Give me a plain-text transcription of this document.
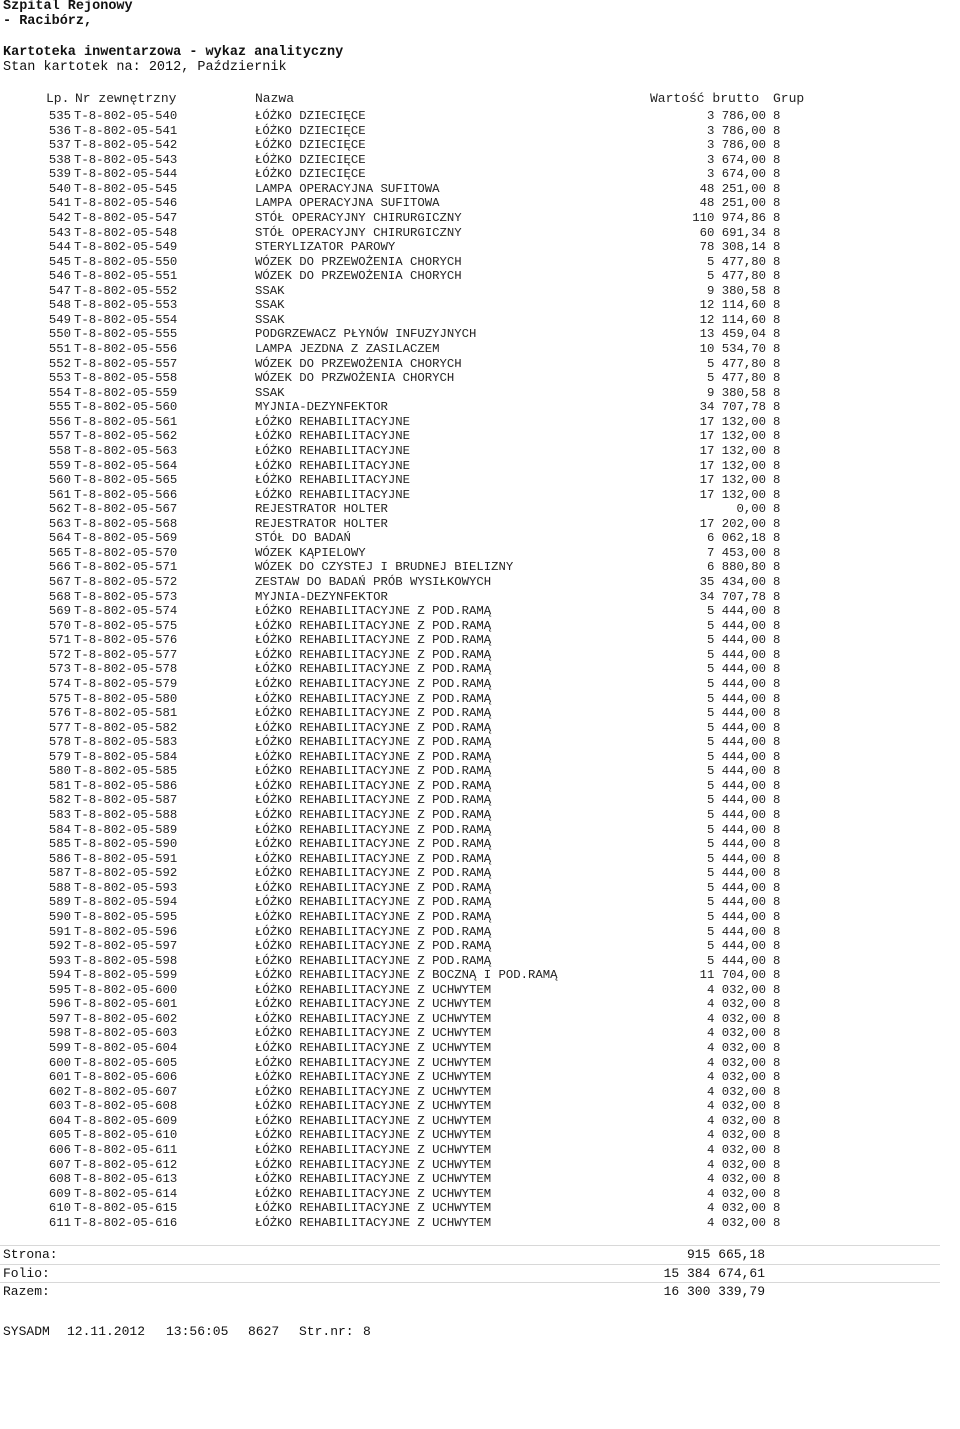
Szpital Rejonowy
- Racibórz,
Kartoteka inwentarzowa - wykaz analityczny
Stan kartotek na: 2012, Październik
Lp. Nr zewnętrzny	Nazwa	Wartość brutto Grup
535 T-8-802-05-540	ŁÓŻKO DZIECIĘCE	3 786,00 8
536 T-8-802-05-541	ŁÓŻKO DZIECIĘCE	3 786,00 8
537 T-8-802-05-542	ŁÓŻKO DZIECIĘCE	3 786,00 8
538 T-8-802-05-543	ŁÓŻKO DZIECIĘCE	3 674,00 8
539 T-8-802-05-544	ŁÓŻKO DZIECIĘCE	3 674,00 8
540 T-8-802-05-545	LAMPA OPERACYJNA SUFITOWA	48 251,00 8
541 T-8-802-05-546	LAMPA OPERACYJNA SUFITOWA	48 251,00 8
542 T-8-802-05-547	STÓŁ OPERACYJNY CHIRURGICZNY	110 974,86 8
543 T-8-802-05-548	STÓŁ OPERACYJNY CHIRURGICZNY	60 691,34 8
544 T-8-802-05-549	STERYLIZATOR PAROWY	78 308,14 8
545 T-8-802-05-550	WÓZEK DO PRZEWOŻENIA CHORYCH	5 477,80 8
546 T-8-802-05-551	WÓZEK DO PRZEWOŻENIA CHORYCH	5 477,80 8
547 T-8-802-05-552	SSAK	9 380,58 8
548 T-8-802-05-553	SSAK	12 114,60 8
549 T-8-802-05-554	SSAK	12 114,60 8
550 T-8-802-05-555	PODGRZEWACZ PŁYNÓW INFUZYJNYCH	13 459,04 8
551 T-8-802-05-556	LAMPA JEZDNA Z ZASILACZEM	10 534,70 8
552 T-8-802-05-557	WÓZEK DO PRZEWOŻENIA CHORYCH	5 477,80 8
553 T-8-802-05-558	WÓZEK DO PRZWOŻENIA CHORYCH	5 477,80 8
554 T-8-802-05-559	SSAK	9 380,58 8
555 T-8-802-05-560	MYJNIA-DEZYNFEKTOR	34 707,78 8
556 T-8-802-05-561	ŁÓŻKO REHABILITACYJNE	17 132,00 8
557 T-8-802-05-562	ŁÓŻKO REHABILITACYJNE	17 132,00 8
558 T-8-802-05-563	ŁÓŻKO REHABILITACYJNE	17 132,00 8
559 T-8-802-05-564	ŁÓŻKO REHABILITACYJNE	17 132,00 8
560 T-8-802-05-565	ŁÓŻKO REHABILITACYJNE	17 132,00 8
561 T-8-802-05-566	ŁÓŻKO REHABILITACYJNE	17 132,00 8
562 T-8-802-05-567	REJESTRATOR HOLTER	0,00 8
563 T-8-802-05-568	REJESTRATOR HOLTER	17 202,00 8
564 T-8-802-05-569	STÓŁ DO BADAŃ	6 062,18 8
565 T-8-802-05-570	WÓZEK KĄPIELOWY	7 453,00 8
566 T-8-802-05-571	WÓZEK DO CZYSTEJ I BRUDNEJ BIELIZNY	6 880,80 8
567 T-8-802-05-572	ZESTAW DO BADAŃ PRÓB WYSIŁKOWYCH	35 434,00 8
568 T-8-802-05-573	MYJNIA-DEZYNFEKTOR	34 707,78 8
569 T-8-802-05-574	ŁÓŻKO REHABILITACYJNE Z POD.RAMĄ	5 444,00 8
570 T-8-802-05-575	ŁÓŻKO REHABILITACYJNE Z POD.RAMĄ	5 444,00 8
571 T-8-802-05-576	ŁÓŻKO REHABILITACYJNE Z POD.RAMĄ	5 444,00 8
572 T-8-802-05-577	ŁÓŻKO REHABILITACYJNE Z POD.RAMĄ	5 444,00 8
573 T-8-802-05-578	ŁÓŻKO REHABILITACYJNE Z POD.RAMĄ	5 444,00 8
574 T-8-802-05-579	ŁÓŻKO REHABILITACYJNE Z POD.RAMĄ	5 444,00 8
575 T-8-802-05-580	ŁÓŻKO REHABILITACYJNE Z POD.RAMĄ	5 444,00 8
576 T-8-802-05-581	ŁÓŻKO REHABILITACYJNE Z POD.RAMĄ	5 444,00 8
577 T-8-802-05-582	ŁÓŻKO REHABILITACYJNE Z POD.RAMĄ	5 444,00 8
578 T-8-802-05-583	ŁÓŻKO REHABILITACYJNE Z POD.RAMĄ	5 444,00 8
579 T-8-802-05-584	ŁÓŻKO REHABILITACYJNE Z POD.RAMĄ	5 444,00 8
580 T-8-802-05-585	ŁÓŻKO REHABILITACYJNE Z POD.RAMĄ	5 444,00 8
581 T-8-802-05-586	ŁÓŻKO REHABILITACYJNE Z POD.RAMĄ	5 444,00 8
582 T-8-802-05-587	ŁÓŻKO REHABILITACYJNE Z POD.RAMĄ	5 444,00 8
583 T-8-802-05-588	ŁÓŻKO REHABILITACYJNE Z POD.RAMĄ	5 444,00 8
584 T-8-802-05-589	ŁÓŻKO REHABILITACYJNE Z POD.RAMĄ	5 444,00 8
585 T-8-802-05-590	ŁÓŻKO REHABILITACYJNE Z POD.RAMĄ	5 444,00 8
586 T-8-802-05-591	ŁÓŻKO REHABILITACYJNE Z POD.RAMĄ	5 444,00 8
587 T-8-802-05-592	ŁÓŻKO REHABILITACYJNE Z POD.RAMĄ	5 444,00 8
588 T-8-802-05-593	ŁÓŻKO REHABILITACYJNE Z POD.RAMĄ	5 444,00 8
589 T-8-802-05-594	ŁÓŻKO REHABILITACYJNE Z POD.RAMĄ	5 444,00 8
590 T-8-802-05-595	ŁÓŻKO REHABILITACYJNE Z POD.RAMĄ	5 444,00 8
591 T-8-802-05-596	ŁÓŻKO REHABILITACYJNE Z POD.RAMĄ	5 444,00 8
592 T-8-802-05-597	ŁÓŻKO REHABILITACYJNE Z POD.RAMĄ	5 444,00 8
593 T-8-802-05-598	ŁÓŻKO REHABILITACYJNE Z POD.RAMĄ	5 444,00 8
594 T-8-802-05-599	ŁÓŻKO REHABILITACYJNE Z BOCZNĄ I POD.RAMĄ	11 704,00 8
595 T-8-802-05-600	ŁÓŻKO REHABILITACYJNE Z UCHWYTEM	4 032,00 8
596 T-8-802-05-601	ŁÓŻKO REHABILITACYJNE Z UCHWYTEM	4 032,00 8
597 T-8-802-05-602	ŁÓŻKO REHABILITACYJNE Z UCHWYTEM	4 032,00 8
598 T-8-802-05-603	ŁÓŻKO REHABILITACYJNE Z UCHWYTEM	4 032,00 8
599 T-8-802-05-604	ŁÓŻKO REHABILITACYJNE Z UCHWYTEM	4 032,00 8
600 T-8-802-05-605	ŁÓŻKO REHABILITACYJNE Z UCHWYTEM	4 032,00 8
601 T-8-802-05-606	ŁÓŻKO REHABILITACYJNE Z UCHWYTEM	4 032,00 8
602 T-8-802-05-607	ŁÓŻKO REHABILITACYJNE Z UCHWYTEM	4 032,00 8
603 T-8-802-05-608	ŁÓŻKO REHABILITACYJNE Z UCHWYTEM	4 032,00 8
604 T-8-802-05-609	ŁÓŻKO REHABILITACYJNE Z UCHWYTEM	4 032,00 8
605 T-8-802-05-610	ŁÓŻKO REHABILITACYJNE Z UCHWYTEM	4 032,00 8
606 T-8-802-05-611	ŁÓŻKO REHABILITACYJNE Z UCHWYTEM	4 032,00 8
607 T-8-802-05-612	ŁÓŻKO REHABILITACYJNE Z UCHWYTEM	4 032,00 8
608 T-8-802-05-613	ŁÓŻKO REHABILITACYJNE Z UCHWYTEM	4 032,00 8
609 T-8-802-05-614	ŁÓŻKO REHABILITACYJNE Z UCHWYTEM	4 032,00 8
610 T-8-802-05-615	ŁÓŻKO REHABILITACYJNE Z UCHWYTEM	4 032,00 8
611 T-8-802-05-616	ŁÓŻKO REHABILITACYJNE Z UCHWYTEM	4 032,00 8
Strona:	915 665,18
Folio:	15 384 674,61
Razem:	16 300 339,79

SYSADM

12.11.2012

13:56:05

8627

Str.nr:

8
